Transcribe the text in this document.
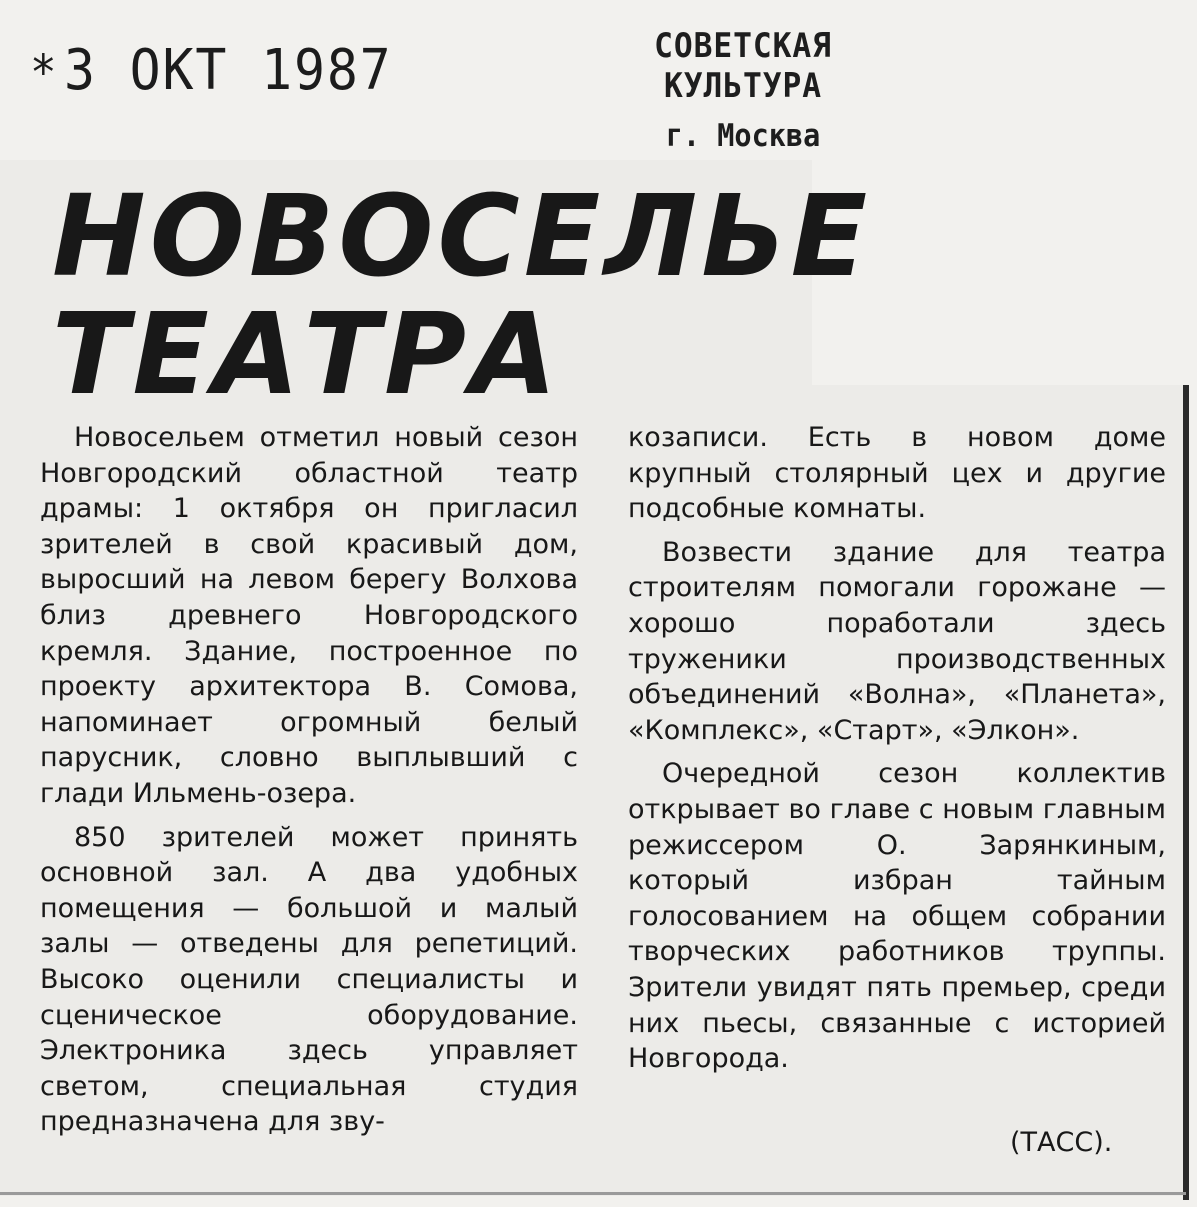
*3 ОКТ 1987	СОВЕТСКАЯ КУЛЬТУРА
г. Москва
НОВОСЕЛЬЕ
ТЕАТРА

Новосельем отметил новый сезон Новгородский областной театр драмы: 1 октября он пригласил зрителей в свой красивый дом, выросший на левом берегу Волхова близ древнего Новгородского кремля. Здание, построенное по проекту архитектора В. Сомова, напоминает огромный белый парусник, словно выплывший с глади Ильмень-озера.

850 зрителей может принять основной зал. А два удобных помещения — большой и малый залы — отведены для репетиций. Высоко оценили специалисты и сценическое оборудование. Электроника здесь управляет светом, специальная студия предназначена для зву-

козаписи. Есть в новом доме крупный столярный цех и другие подсобные комнаты.

Возвести здание для театра строителям помогали горожане — хорошо поработали здесь труженики производственных объединений «Волна», «Планета», «Комплекс», «Старт», «Элкон».

Очередной сезон коллектив открывает во главе с новым главным режиссером О. Зарянкиным, который избран тайным голосованием на общем собрании творческих работников труппы. Зрители увидят пять премьер, среди них пьесы, связанные с историей Новгорода.

(ТАСС).
